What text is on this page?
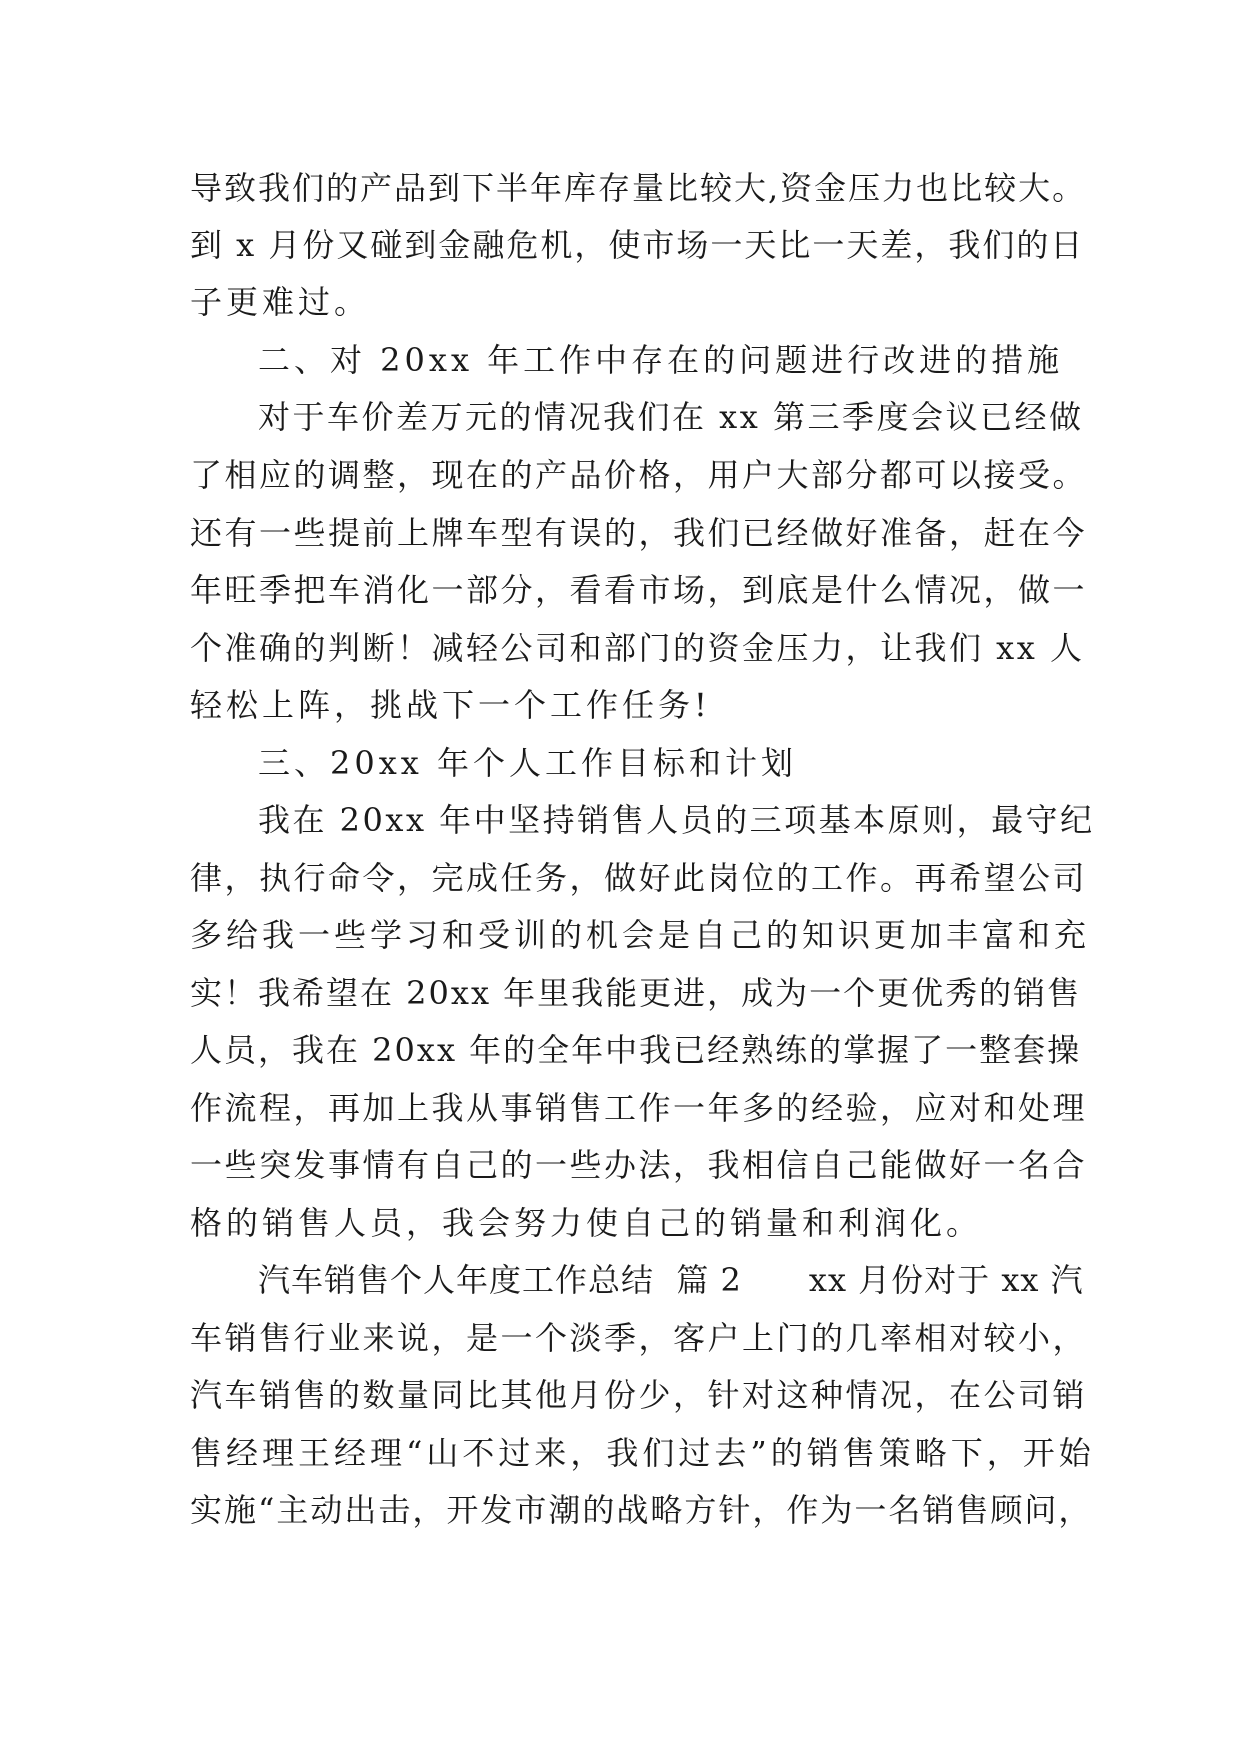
导致我们的产品到下半年库存量比较大,资金压力也比较大。

到 x 月份又碰到金融危机，使市场一天比一天差，我们的日

子更难过。

二、对 20xx 年工作中存在的问题进行改进的措施

对于车价差万元的情况我们在 xx 第三季度会议已经做

了相应的调整，现在的产品价格，用户大部分都可以接受。

还有一些提前上牌车型有误的，我们已经做好准备，赶在今

年旺季把车消化一部分，看看市场，到底是什么情况，做一

个准确的判断！减轻公司和部门的资金压力，让我们 xx 人

轻松上阵，挑战下一个工作任务!

三、20xx 年个人工作目标和计划

我在 20xx 年中坚持销售人员的三项基本原则，最守纪

律，执行命令，完成任务，做好此岗位的工作。再希望公司

多给我一些学习和受训的机会是自己的知识更加丰富和充

实！我希望在 20xx 年里我能更进，成为一个更优秀的销售

人员，我在 20xx 年的全年中我已经熟练的掌握了一整套操

作流程，再加上我从事销售工作一年多的经验，应对和处理

一些突发事情有自己的一些办法，我相信自己能做好一名合

格的销售人员，我会努力使自己的销量和利润化。

汽车销售个人年度工作总结  篇 2      xx 月份对于 xx 汽

车销售行业来说，是一个淡季，客户上门的几率相对较小，

汽车销售的数量同比其他月份少，针对这种情况，在公司销

售经理王经理“山不过来，我们过去”的销售策略下，开始

实施“主动出击，开发市潮的战略方针，作为一名销售顾问，
